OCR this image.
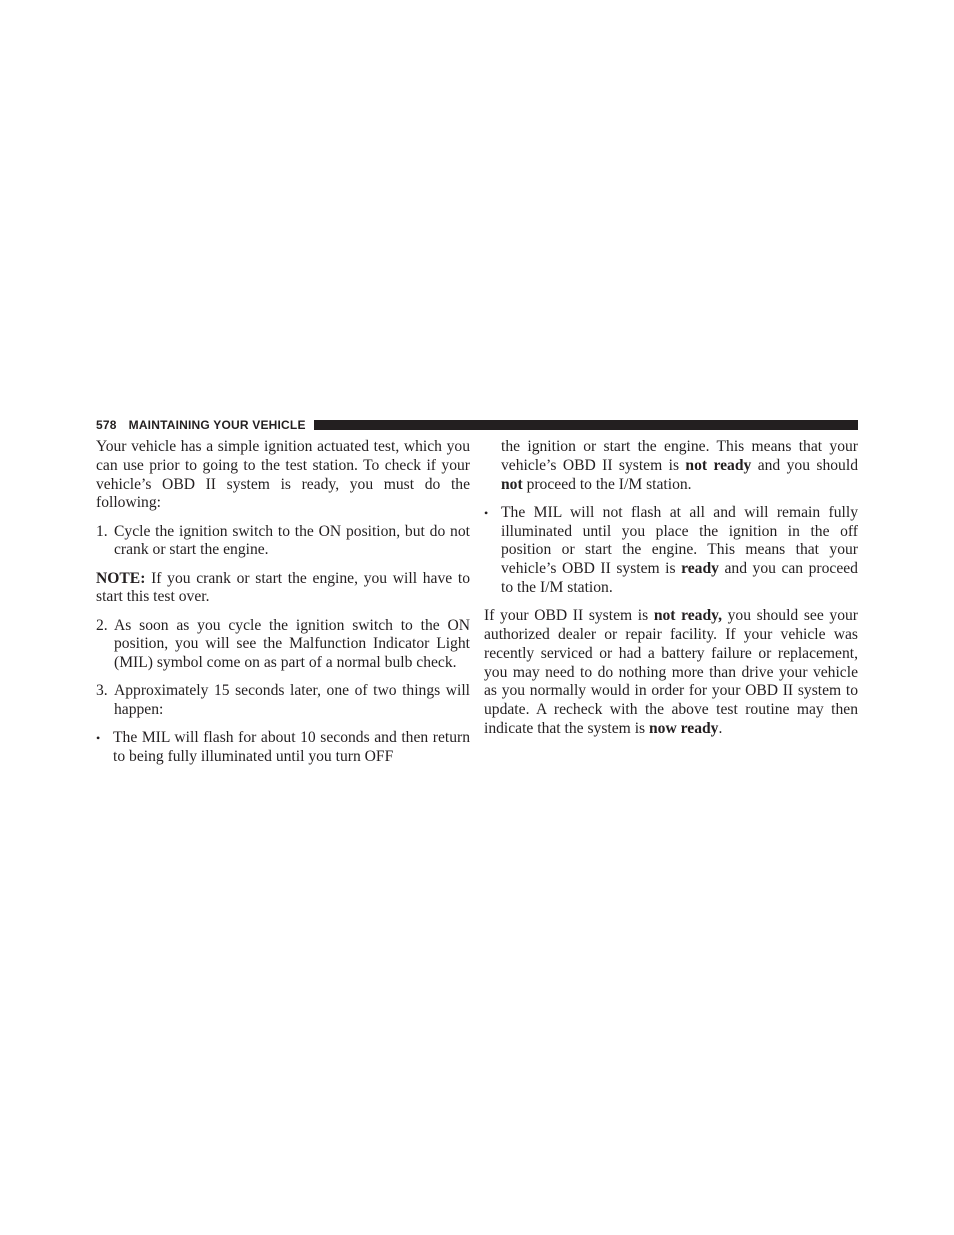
578 MAINTAINING YOUR VEHICLE

Your vehicle has a simple ignition actuated test, which you can use prior to going to the test station. To check if your vehicle’s OBD II system is ready, you must do the following:

1. Cycle the ignition switch to the ON position, but do not crank or start the engine.

NOTE: If you crank or start the engine, you will have to start this test over.

2. As soon as you cycle the ignition switch to the ON position, you will see the Malfunction Indicator Light (MIL) symbol come on as part of a normal bulb check.
3. Approximately 15 seconds later, one of two things will happen:
• The MIL will flash for about 10 seconds and then return to being fully illuminated until you turn OFF

the ignition or start the engine. This means that your vehicle’s OBD II system is not ready and you should not proceed to the I/M station.

• The MIL will not flash at all and will remain fully illuminated until you place the ignition in the off position or start the engine. This means that your vehicle’s OBD II system is ready and you can proceed to the I/M station.

If your OBD II system is not ready, you should see your authorized dealer or repair facility. If your vehicle was recently serviced or had a battery failure or replacement, you may need to do nothing more than drive your vehicle as you normally would in order for your OBD II system to update. A recheck with the above test routine may then indicate that the system is now ready.
